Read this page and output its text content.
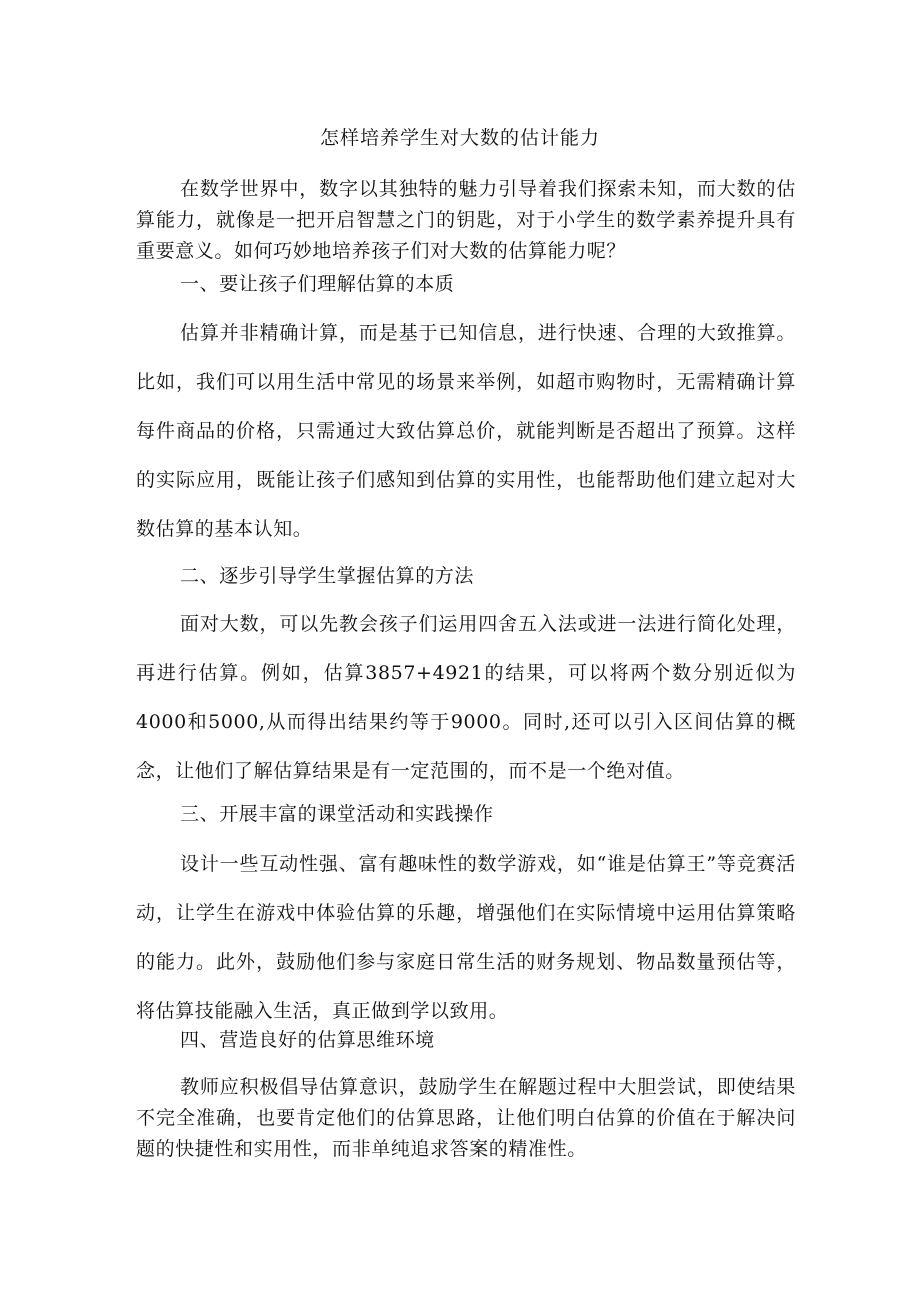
怎样培养学生对大数的估计能力

在数学世界中，数字以其独特的魅力引导着我们探索未知，而大数的估算能力，就像是一把开启智慧之门的钥匙，对于小学生的数学素养提升具有重要意义。如何巧妙地培养孩子们对大数的估算能力呢？

一、要让孩子们理解估算的本质

估算并非精确计算，而是基于已知信息，进行快速、合理的大致推算。比如，我们可以用生活中常见的场景来举例，如超市购物时，无需精确计算每件商品的价格，只需通过大致估算总价，就能判断是否超出了预算。这样的实际应用，既能让孩子们感知到估算的实用性，也能帮助他们建立起对大数估算的基本认知。

二、逐步引导学生掌握估算的方法

面对大数，可以先教会孩子们运用四舍五入法或进一法进行简化处理，再进行估算。例如，估算3857+4921的结果，可以将两个数分别近似为4000和5000,从而得出结果约等于9000。同时,还可以引入区间估算的概念，让他们了解估算结果是有一定范围的，而不是一个绝对值。

三、开展丰富的课堂活动和实践操作

设计一些互动性强、富有趣味性的数学游戏，如“谁是估算王”等竞赛活动，让学生在游戏中体验估算的乐趣，增强他们在实际情境中运用估算策略的能力。此外，鼓励他们参与家庭日常生活的财务规划、物品数量预估等，将估算技能融入生活，真正做到学以致用。

四、营造良好的估算思维环境

教师应积极倡导估算意识，鼓励学生在解题过程中大胆尝试，即使结果不完全准确，也要肯定他们的估算思路，让他们明白估算的价值在于解决问题的快捷性和实用性，而非单纯追求答案的精准性。
